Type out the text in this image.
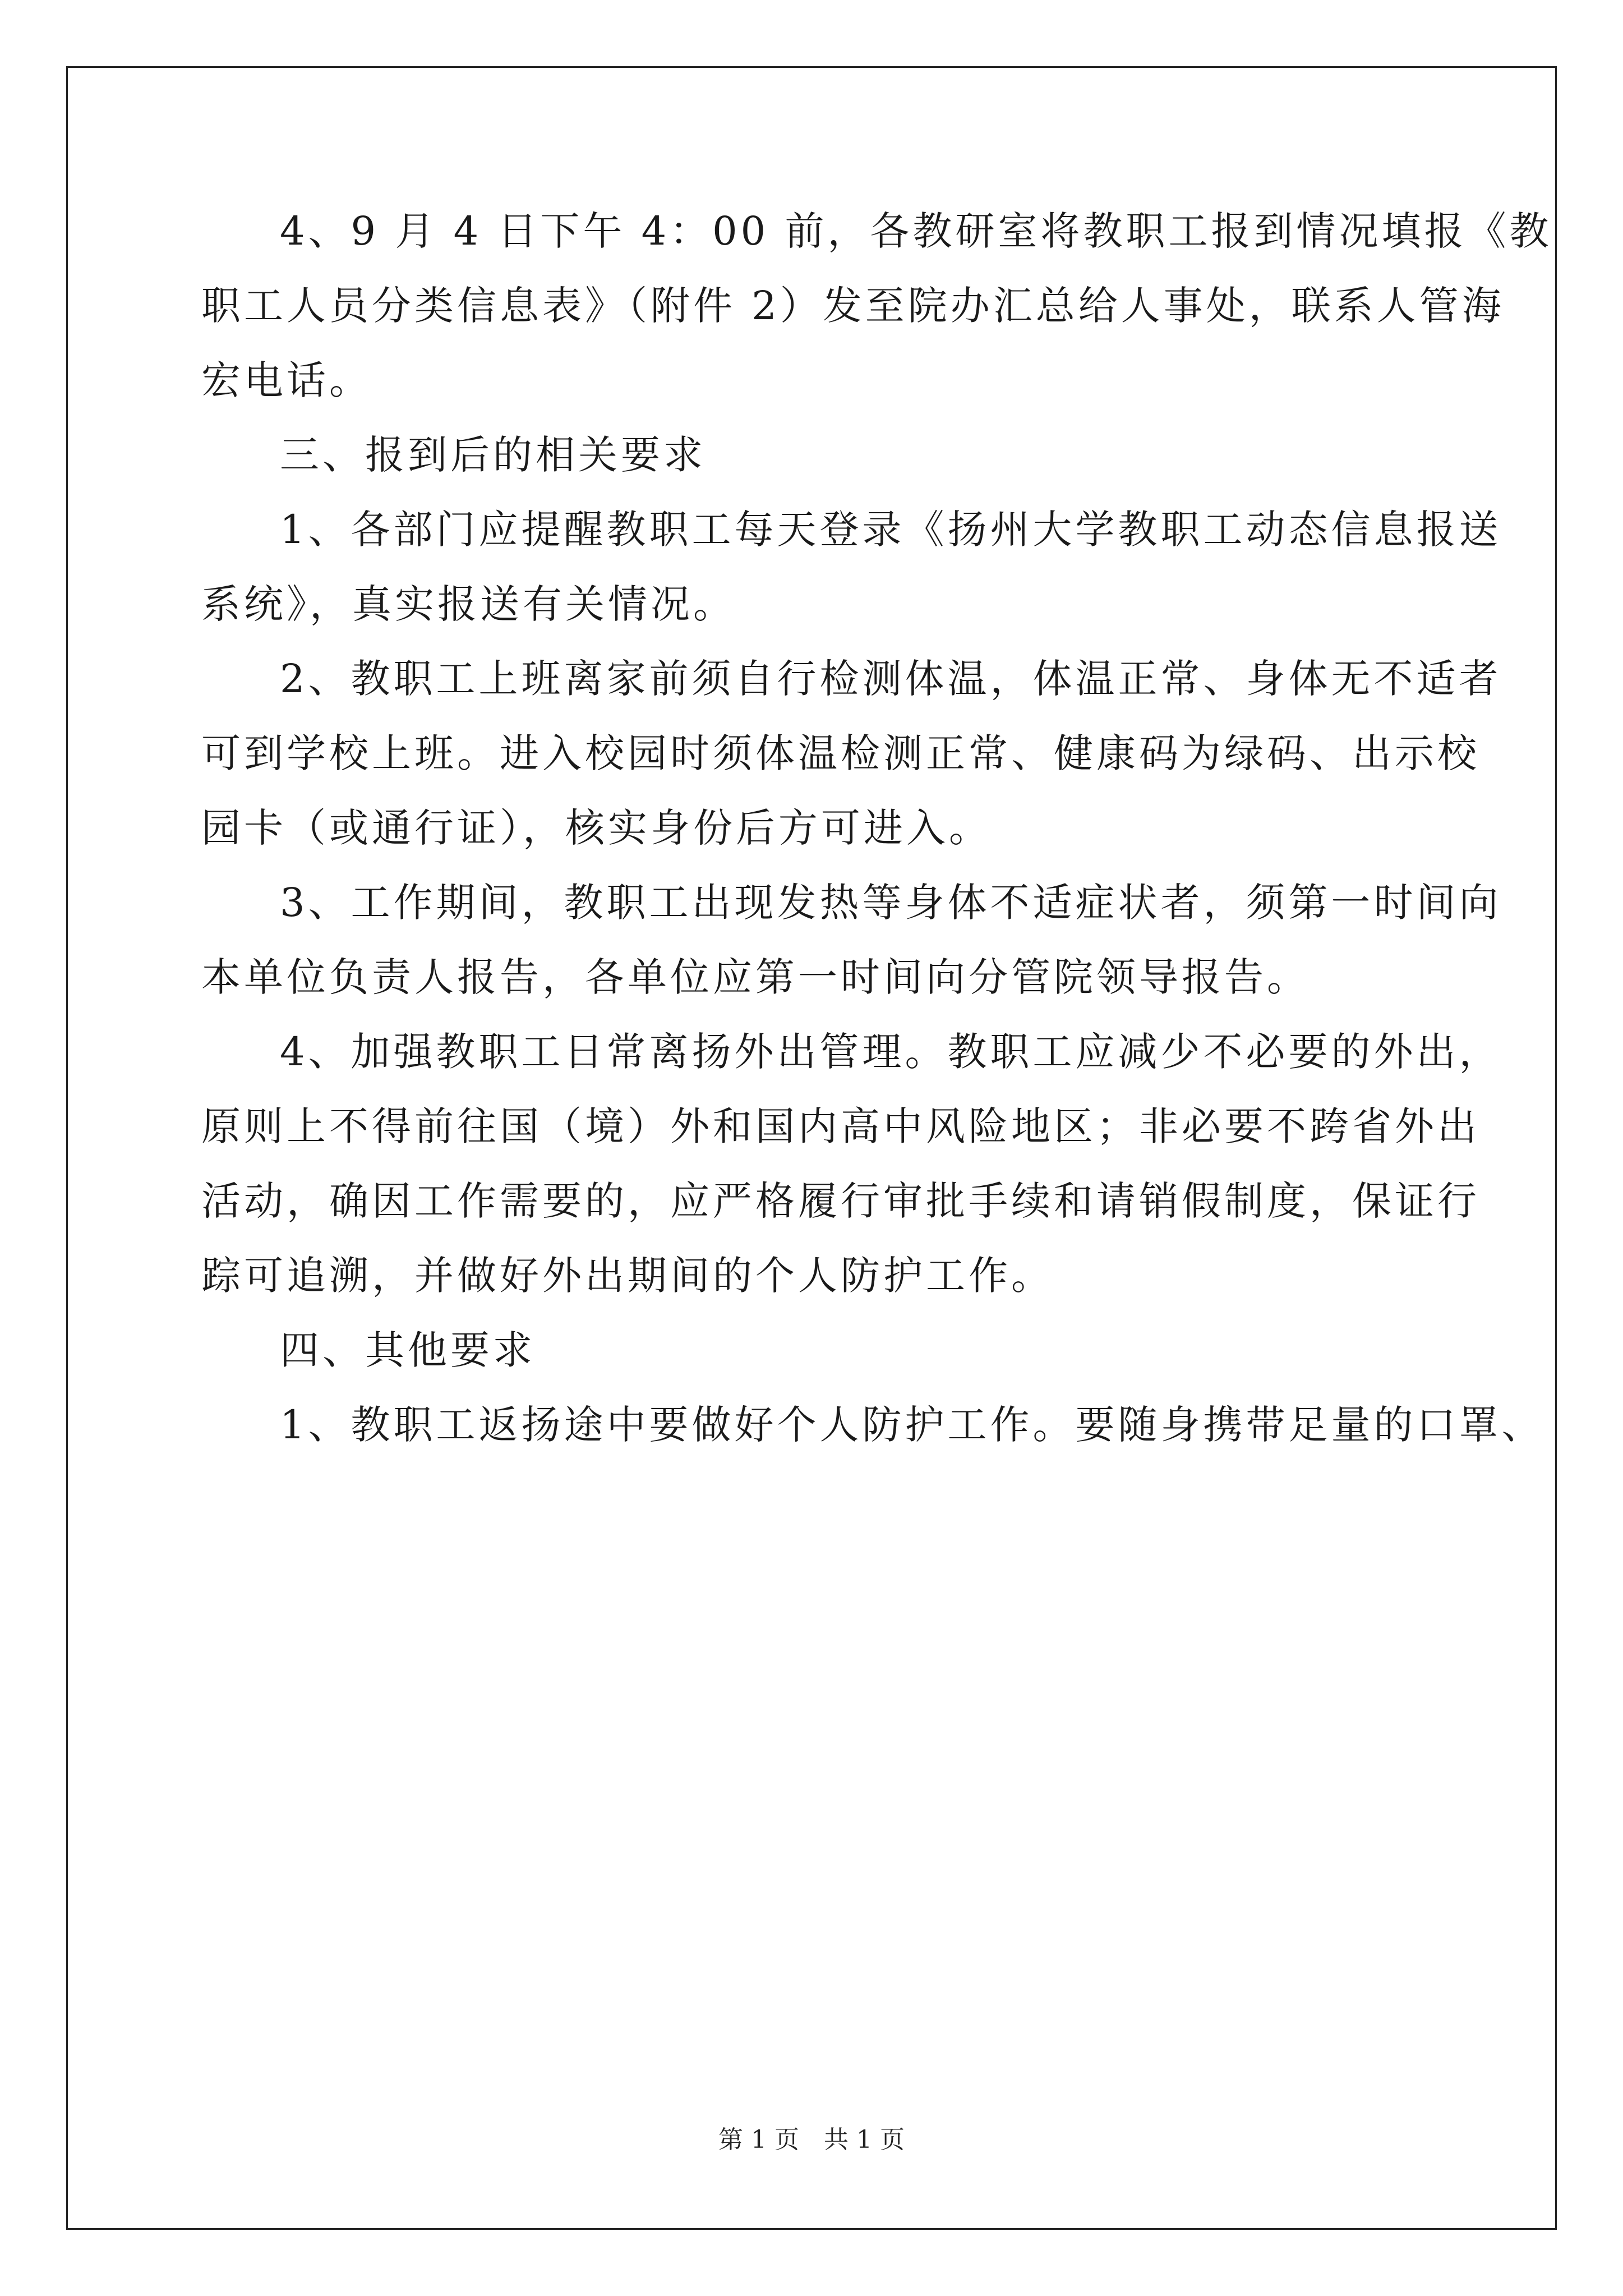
4、9 月 4 日下午 4：00 前，各教研室将教职工报到情况填报《教
职工人员分类信息表》（附件 2）发至院办汇总给人事处，联系人管海
宏电话。
三、报到后的相关要求
1、各部门应提醒教职工每天登录《扬州大学教职工动态信息报送
系统》，真实报送有关情况。
2、教职工上班离家前须自行检测体温，体温正常、身体无不适者
可到学校上班。进入校园时须体温检测正常、健康码为绿码、出示校
园卡（或通行证），核实身份后方可进入。
3、工作期间，教职工出现发热等身体不适症状者，须第一时间向
本单位负责人报告，各单位应第一时间向分管院领导报告。
4、加强教职工日常离扬外出管理。教职工应减少不必要的外出，
原则上不得前往国（境）外和国内高中风险地区；非必要不跨省外出
活动，确因工作需要的，应严格履行审批手续和请销假制度，保证行
踪可追溯，并做好外出期间的个人防护工作。
四、其他要求
1、教职工返扬途中要做好个人防护工作。要随身携带足量的口罩、
第 1 页　共 1 页
